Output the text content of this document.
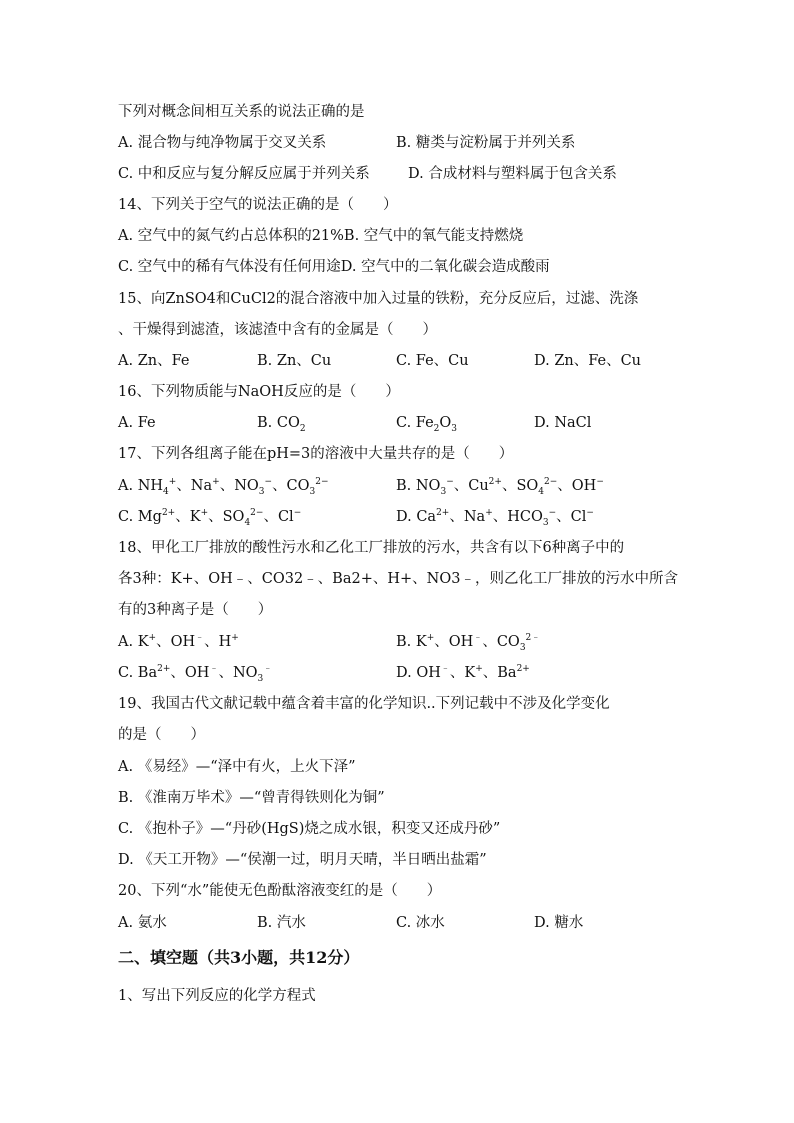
下列对概念间相互关系的说法正确的是
A. 混合物与纯净物属于交叉关系	B. 糖类与淀粉属于并列关系
C. 中和反应与复分解反应属于并列关系	D. 合成材料与塑料属于包含关系
14、下列关于空气的说法正确的是（　　）
A. 空气中的氮气约占总体积的21%B. 空气中的氧气能支持燃烧
C. 空气中的稀有气体没有任何用途D. 空气中的二氧化碳会造成酸雨
15、向ZnSO4和CuCl2的混合溶液中加入过量的铁粉，充分反应后，过滤、洗涤
、干燥得到滤渣，该滤渣中含有的金属是（　　）
A. Zn、Fe	B. Zn、Cu	C. Fe、Cu	D. Zn、Fe、Cu
16、下列物质能与NaOH反应的是（　　）
A. Fe	B. $CO_2$	C. $Fe_2O_3$	D. NaCl
17、下列各组离子能在pH=3的溶液中大量共存的是（　　）
A. $NH_4^+$、Na+、$NO_3^-$、$CO_3^{2-}$	B. $NO_3^-$、$Cu^{2+}$、$SO_4^{2-}$、OH−
C. $Mg^{2+}$、K+、$SO_4^{2-}$、Cl−	D. $Ca^{2+}$、Na+、$HCO_3^-$、Cl−
18、甲化工厂排放的酸性污水和乙化工厂排放的污水，共含有以下6种离子中的
各3种：K+、OH﹣、CO32﹣、Ba2+、H+、NO3﹣，则乙化工厂排放的污水中所含
有的3种离子是（　　）
A. K+、OH﹣、H+	B. K+、OH﹣、$CO_3^{2﹣}$
C. $Ba^{2+}$、OH﹣、$NO_3^﹣$	D. OH﹣、K+、$Ba^{2+}$
19、我国古代文献记载中蕴含着丰富的化学知识..下列记载中不涉及化学变化
的是（　　）
A. 《易经》—“泽中有火，上火下泽”
B. 《淮南万毕术》—“曾青得铁则化为铜”
C. 《抱朴子》—“丹砂(HgS)烧之成水银，积变又还成丹砂”
D. 《天工开物》—“侯潮一过，明月天晴，半日晒出盐霜”
20、下列“水”能使无色酚酞溶液变红的是（　　）
A. 氨水	B. 汽水	C. 冰水	D. 糖水
二、填空题（共3小题，共12分）
1、写出下列反应的化学方程式
